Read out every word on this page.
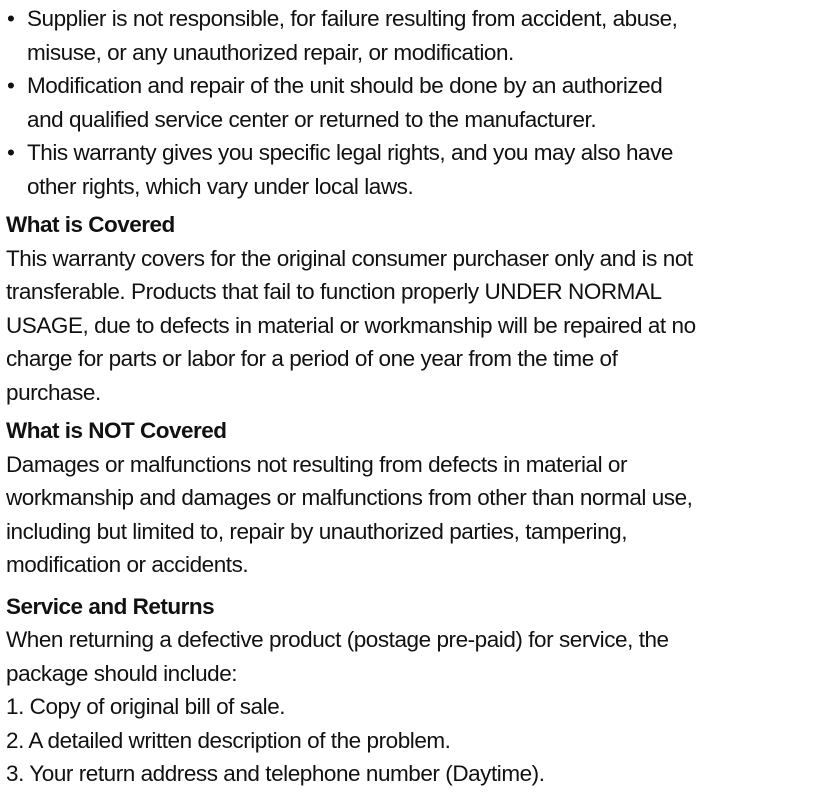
• Supplier is not responsible, for failure resulting from accident, abuse,
misuse, or any unauthorized repair, or modification.
• Modification and repair of the unit should be done by an authorized
and qualified service center or returned to the manufacturer.
• This warranty gives you specific legal rights, and you may also have
other rights, which vary under local laws.
What is Covered
This warranty covers for the original consumer purchaser only and is not
transferable. Products that fail to function properly UNDER NORMAL
USAGE, due to defects in material or workmanship will be repaired at no
charge for parts or labor for a period of one year from the time of
purchase.
What is NOT Covered
Damages or malfunctions not resulting from defects in material or
workmanship and damages or malfunctions from other than normal use,
including but limited to, repair by unauthorized parties, tampering,
modification or accidents.
Service and Returns
When returning a defective product (postage pre-paid) for service, the
package should include:
1. Copy of original bill of sale.
2. A detailed written description of the problem.
3. Your return address and telephone number (Daytime).
